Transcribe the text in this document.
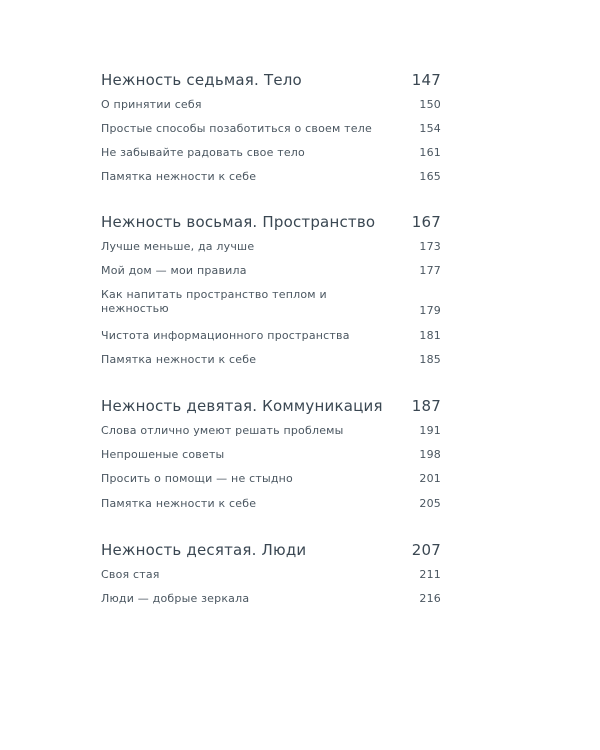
Нежность седьмая. Тело	147
О принятии себя	150
Простые способы позаботиться о своем теле	154
Не забывайте радовать свое тело	161
Памятка нежности к себе	165
Нежность восьмая. Пространство 167
Лучше меньше, да лучше	173
Мой дом — мои правила	177
Как напитать пространство теплом и нежностью	179
Чистота информационного пространства	181
Памятка нежности к себе	185
Нежность девятая. Коммуникация 187
Слова отлично умеют решать проблемы	191
Непрошеные советы	198
Просить о помощи — не стыдно	201
Памятка нежности к себе	205
Нежность десятая. Люди	207
Своя стая	211
Люди — добрые зеркала	216
